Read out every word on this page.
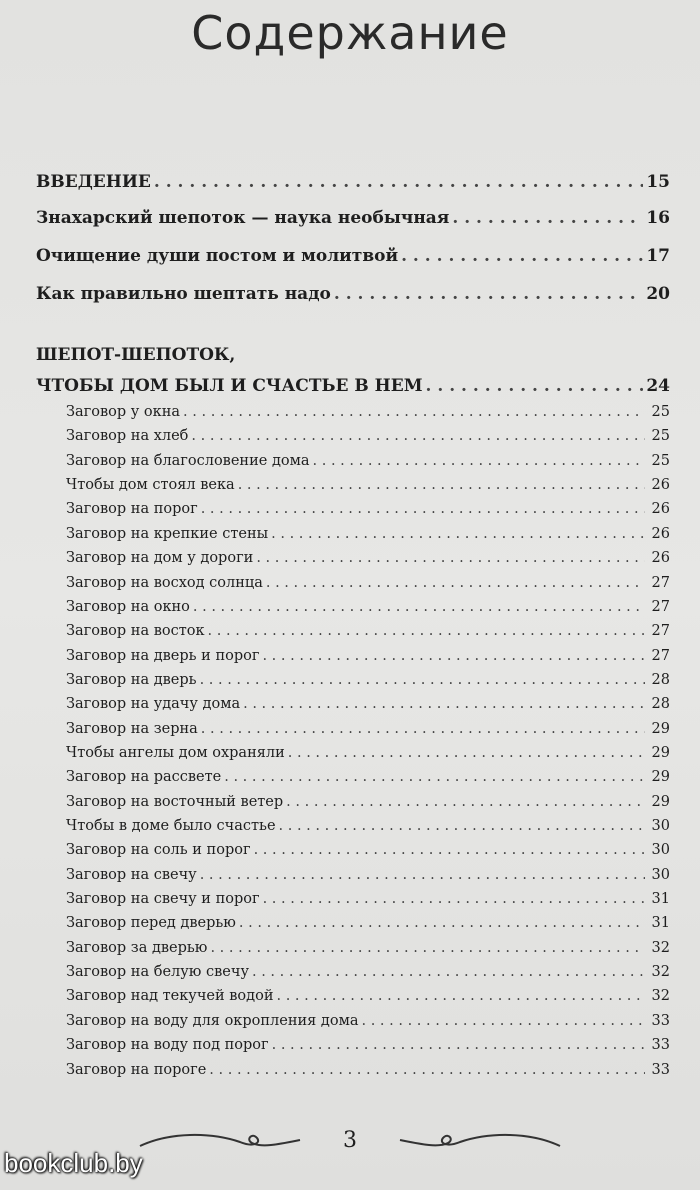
Содержание
ВВЕДЕНИЕ . . .	15
Знахарский шепоток — наука необычная . . .	16
Очищение души постом и молитвой . . .	17
Как правильно шептать надо . . .	20
ШЕПОТ-ШЕПОТОК,
ЧТОБЫ ДОМ БЫЛ И СЧАСТЬЕ В НЕМ . . .	24
Заговор у окна . . .	25
Заговор на хлеб . . .	25
Заговор на благословение дома . . .	25
Чтобы дом стоял века . . .	26
Заговор на порог . . .	26
Заговор на крепкие стены . . .	26
Заговор на дом у дороги . . .	26
Заговор на восход солнца . . .	27
Заговор на окно . . .	27
Заговор на восток . . .	27
Заговор на дверь и порог . . .	27
Заговор на дверь . . .	28
Заговор на удачу дома . . .	28
Заговор на зерна . . .	29
Чтобы ангелы дом охраняли . . .	29
Заговор на рассвете . . .	29
Заговор на восточный ветер . . .	29
Чтобы в доме было счастье . . .	30
Заговор на соль и порог . . .	30
Заговор на свечу . . .	30
Заговор на свечу и порог . . .	31
Заговор перед дверью . . .	31
Заговор за дверью . . .	32
Заговор на белую свечу . . .	32
Заговор над текучей водой . . .	32
Заговор на воду для окропления дома . . .	33
Заговор на воду под порог . . .	33
Заговор на пороге . . .	33
3
bookclub.by
